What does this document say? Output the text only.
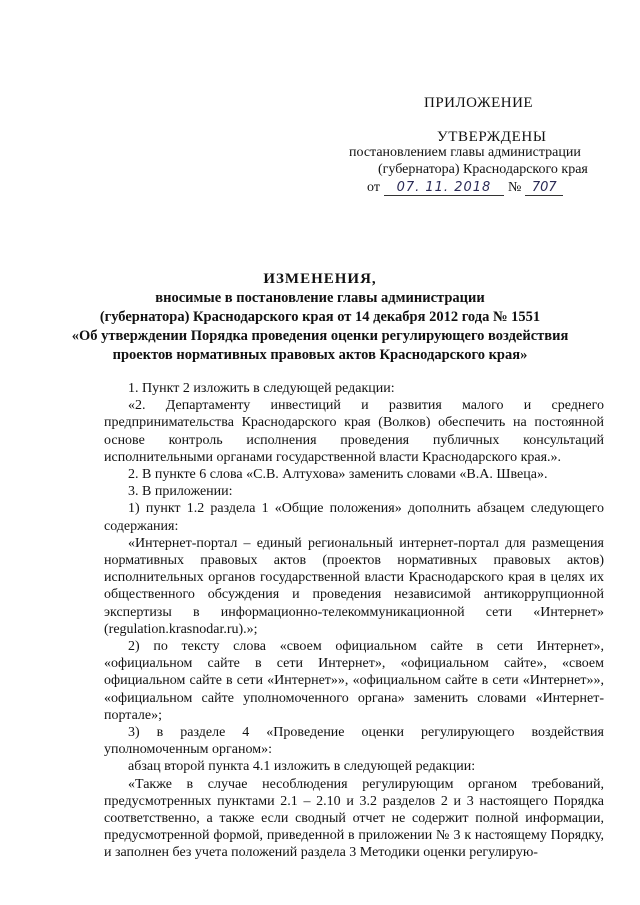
ПРИЛОЖЕНИЕ
УТВЕРЖДЕНЫ
постановлением главы администрации
(губернатора) Краснодарского края
от	07. 11. 2018	№ 707
ИЗМЕНЕНИЯ,
вносимые в постановление главы администрации
(губернатора) Краснодарского края от 14 декабря 2012 года № 1551
«Об утверждении Порядка проведения оценки регулирующего воздействия
проектов нормативных правовых актов Краснодарского края»

1. Пункт 2 изложить в следующей редакции:

«2. Департаменту инвестиций и развития малого и среднего предпринимательства Краснодарского края (Волков) обеспечить на постоянной основе контроль исполнения проведения публичных консультаций исполнительными органами государственной власти Краснодарского края.».

2. В пункте 6 слова «С.В. Алтухова» заменить словами «В.А. Швеца».

3. В приложении:

1) пункт 1.2 раздела 1 «Общие положения» дополнить абзацем следующего содержания:

«Интернет-портал – единый региональный интернет-портал для размещения нормативных правовых актов (проектов нормативных правовых актов) исполнительных органов государственной власти Краснодарского края в целях их общественного обсуждения и проведения независимой антикоррупционной экспертизы в информационно-телекоммуникационной сети «Интернет» (regulation.krasnodar.ru).»;

2) по тексту слова «своем официальном сайте в сети Интернет», «официальном сайте в сети Интернет», «официальном сайте», «своем официальном сайте в сети «Интернет»», «официальном сайте в сети «Интернет»», «официальном сайте уполномоченного органа» заменить словами «Интернет-портале»;

3) в разделе 4 «Проведение оценки регулирующего воздействия уполномоченным органом»:

абзац второй пункта 4.1 изложить в следующей редакции:

«Также в случае несоблюдения регулирующим органом требований, предусмотренных пунктами 2.1 – 2.10 и 3.2 разделов 2 и 3 настоящего Порядка соответственно, а также если сводный отчет не содержит полной информации, предусмотренной формой, приведенной в приложении № 3 к настоящему Порядку, и заполнен без учета положений раздела 3 Методики оценки регулирую-
